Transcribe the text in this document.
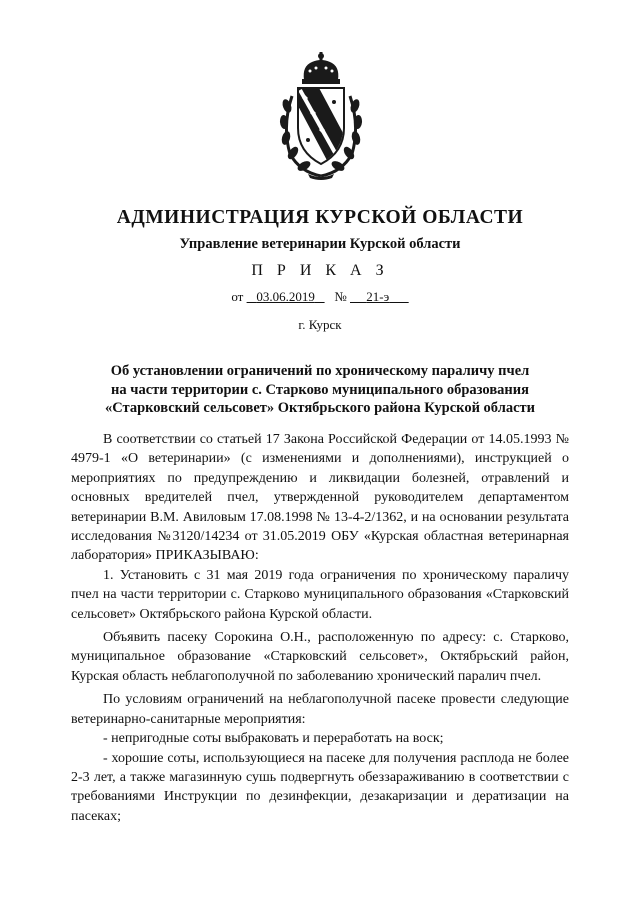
АДМИНИСТРАЦИЯ КУРСКОЙ ОБЛАСТИ
Управление ветеринарии Курской области
П Р И К А З
от 03.06.2019 № 21-э
г. Курск
Об установлении ограничений по хроническому параличу пчел
на части территории с. Старково муниципального образования
«Старковский сельсовет» Октябрьского района Курской области

В соответствии со статьей 17 Закона Российской Федерации от 14.05.1993 № 4979-1 «О ветеринарии» (с изменениями и дополнениями), инструкцией о мероприятиях по предупреждению и ликвидации болезней, отравлений и основных вредителей пчел, утвержденной руководителем департаментом ветеринарии В.М. Авиловым 17.08.1998 № 13-4-2/1362, и на основании результата исследования №3120/14234 от 31.05.2019 ОБУ «Курская областная ветеринарная лаборатория» ПРИКАЗЫВАЮ:

1. Установить с 31 мая 2019 года ограничения по хроническому параличу пчел на части территории с. Старково муниципального образования «Старковский сельсовет» Октябрьского района Курской области.

Объявить пасеку Сорокина О.Н., расположенную по адресу: с. Старково, муниципальное образование «Старковский сельсовет», Октябрьский район, Курская область неблагополучной по заболеванию хронический паралич пчел.

По условиям ограничений на неблагополучной пасеке провести следующие ветеринарно-санитарные мероприятия:

- непригодные соты выбраковать и переработать на воск;

- хорошие соты, использующиеся на пасеке для получения расплода не более 2-3 лет, а также магазинную сушь подвергнуть обеззараживанию в соответствии с требованиями Инструкции по дезинфекции, дезакаризации и дератизации на пасеках;
